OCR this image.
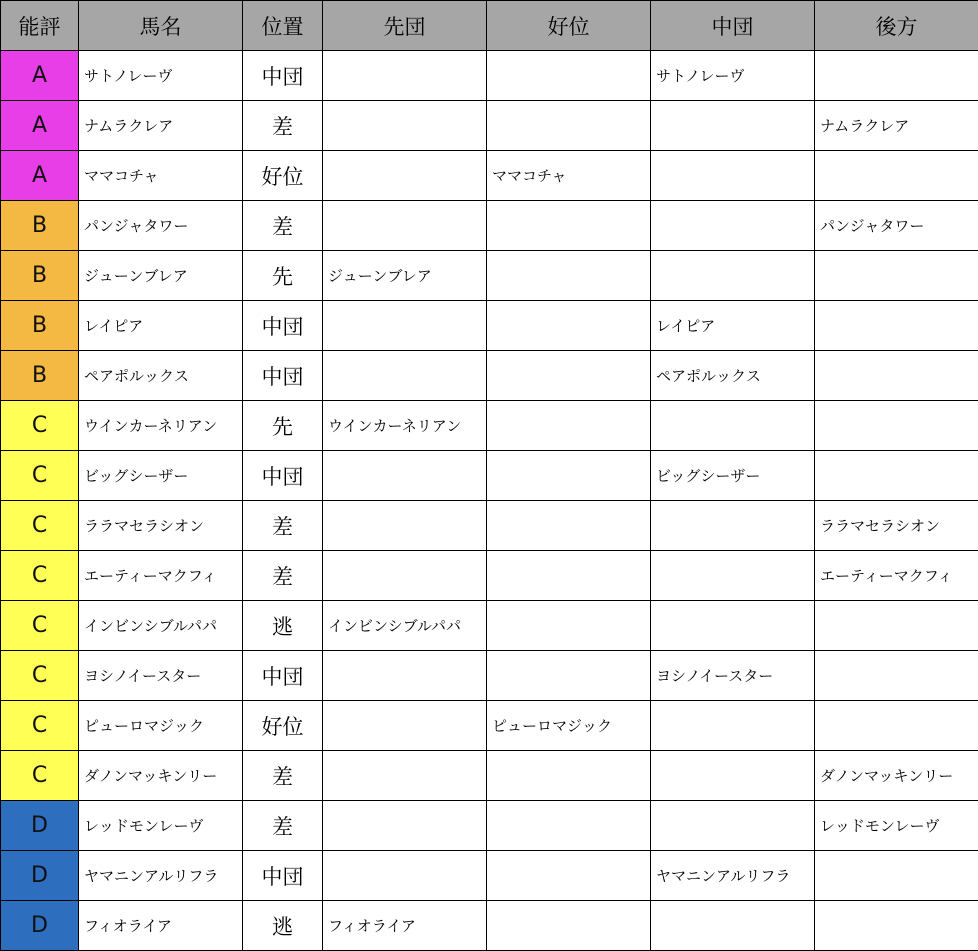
能評	馬名	位置	先団	好位	中団	後方
A	サトノレーヴ	中団			サトノレーヴ	
A	ナムラクレア	差				ナムラクレア
A	ママコチャ	好位		ママコチャ		
B	パンジャタワー	差				パンジャタワー
B	ジューンブレア	先	ジューンブレア			
B	レイピア	中団			レイピア	
B	ペアポルックス	中団			ペアポルックス	
C	ウインカーネリアン	先	ウインカーネリアン			
C	ビッグシーザー	中団			ビッグシーザー	
C	ララマセラシオン	差				ララマセラシオン
C	エーティーマクフィ	差				エーティーマクフィ
C	インビンシブルパパ	逃	インビンシブルパパ			
C	ヨシノイースター	中団			ヨシノイースター	
C	ピューロマジック	好位		ピューロマジック		
C	ダノンマッキンリー	差				ダノンマッキンリー
D	レッドモンレーヴ	差				レッドモンレーヴ
D	ヤマニンアルリフラ	中団			ヤマニンアルリフラ	
D	フィオライア	逃	フィオライア			
